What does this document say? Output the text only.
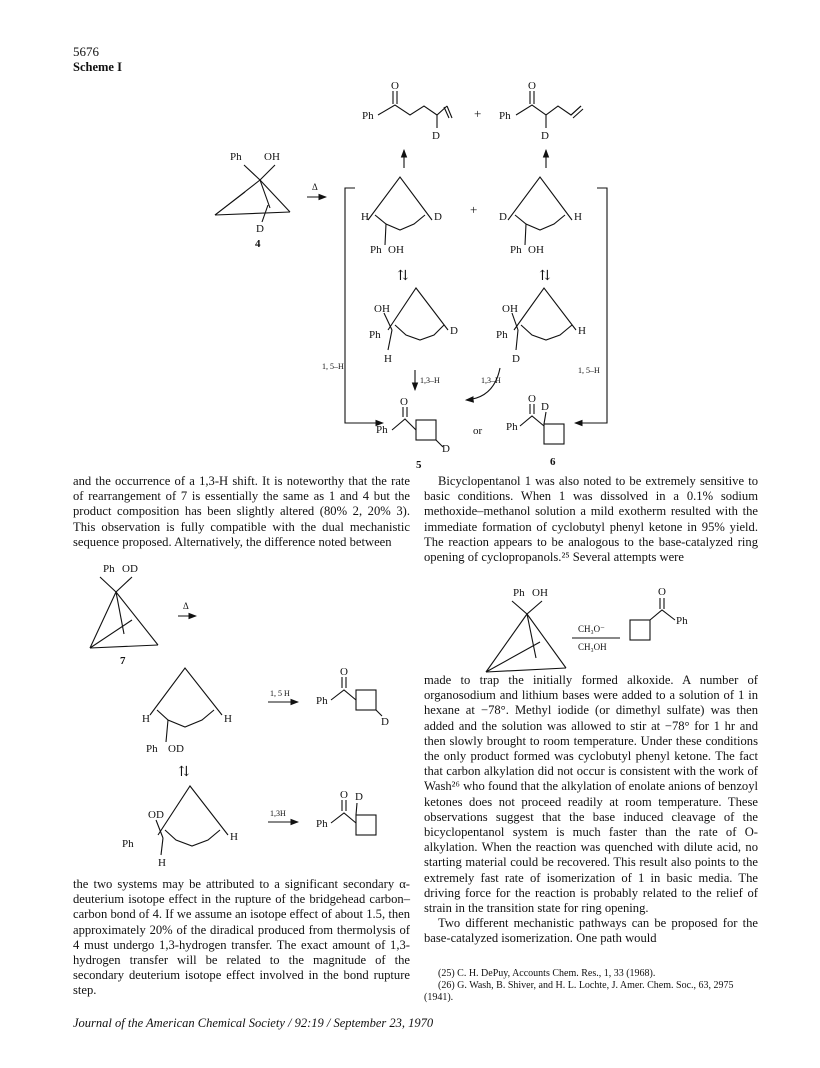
5676
Scheme I
O
Ph
D
+
O
Ph
D
Ph OH
D
4
Δ
H	D
Ph OH
+ D	H
Ph OH
⇅	⇅
OH
Ph	D
H
OH
Ph	H
D
1, 5–H	1, 5–H
1,3–H	1,3–H
O
Ph
D
5
or
O
D
Ph
6

and the occurrence of a 1,3-H shift. It is noteworthy that the rate of rearrangement of 7 is essentially the same as 1 and 4 but the product composition has been slightly altered (80% 2, 20% 3). This observation is fully compatible with the dual mechanistic sequence proposed. Alternatively, the difference noted between

Ph OD
7
Δ
H	H
Ph OD
1, 5 H
O
Ph
D
⇅
OD
Ph
H
H
1,3H
O D
Ph
Ph OH
CH₃O⁻
CH₃OH
O
Ph

the two systems may be attributed to a significant secondary α-deuterium isotope effect in the rupture of the bridgehead carbon–carbon bond of 4. If we assume an isotope effect of about 1.5, then approximately 20% of the diradical produced from thermolysis of 4 must undergo 1,3-hydrogen transfer. The exact amount of 1,3-hydrogen transfer will be related to the magnitude of the secondary deuterium isotope effect involved in the bond rupture step.

Bicyclopentanol 1 was also noted to be extremely sensitive to basic conditions. When 1 was dissolved in a 0.1% sodium methoxide–methanol solution a mild exotherm resulted with the immediate formation of cyclobutyl phenyl ketone in 95% yield. The reaction appears to be analogous to the base-catalyzed ring opening of cyclopropanols.²⁵ Several attempts were

made to trap the initially formed alkoxide. A number of organosodium and lithium bases were added to a solution of 1 in hexane at −78°. Methyl iodide (or dimethyl sulfate) was then added and the solution was allowed to stir at −78° for 1 hr and then slowly brought to room temperature. Under these conditions the only product formed was cyclobutyl phenyl ketone. The fact that carbon alkylation did not occur is consistent with the work of Wash²⁶ who found that the alkylation of enolate anions of benzoyl ketones does not proceed readily at room temperature. These observations suggest that the base induced cleavage of the bicyclopentanol system is much faster than the rate of O-alkylation. When the reaction was quenched with dilute acid, no starting material could be recovered. This result also points to the extremely fast rate of isomerization of 1 in basic media. The driving force for the reaction is probably related to the relief of strain in the transition state for ring opening.

Two different mechanistic pathways can be proposed for the base-catalyzed isomerization. One path would

(25) C. H. DePuy, Accounts Chem. Res., 1, 33 (1968).

(26) G. Wash, B. Shiver, and H. L. Lochte, J. Amer. Chem. Soc., 63, 2975 (1941).

Journal of the American Chemical Society / 92:19 / September 23, 1970
